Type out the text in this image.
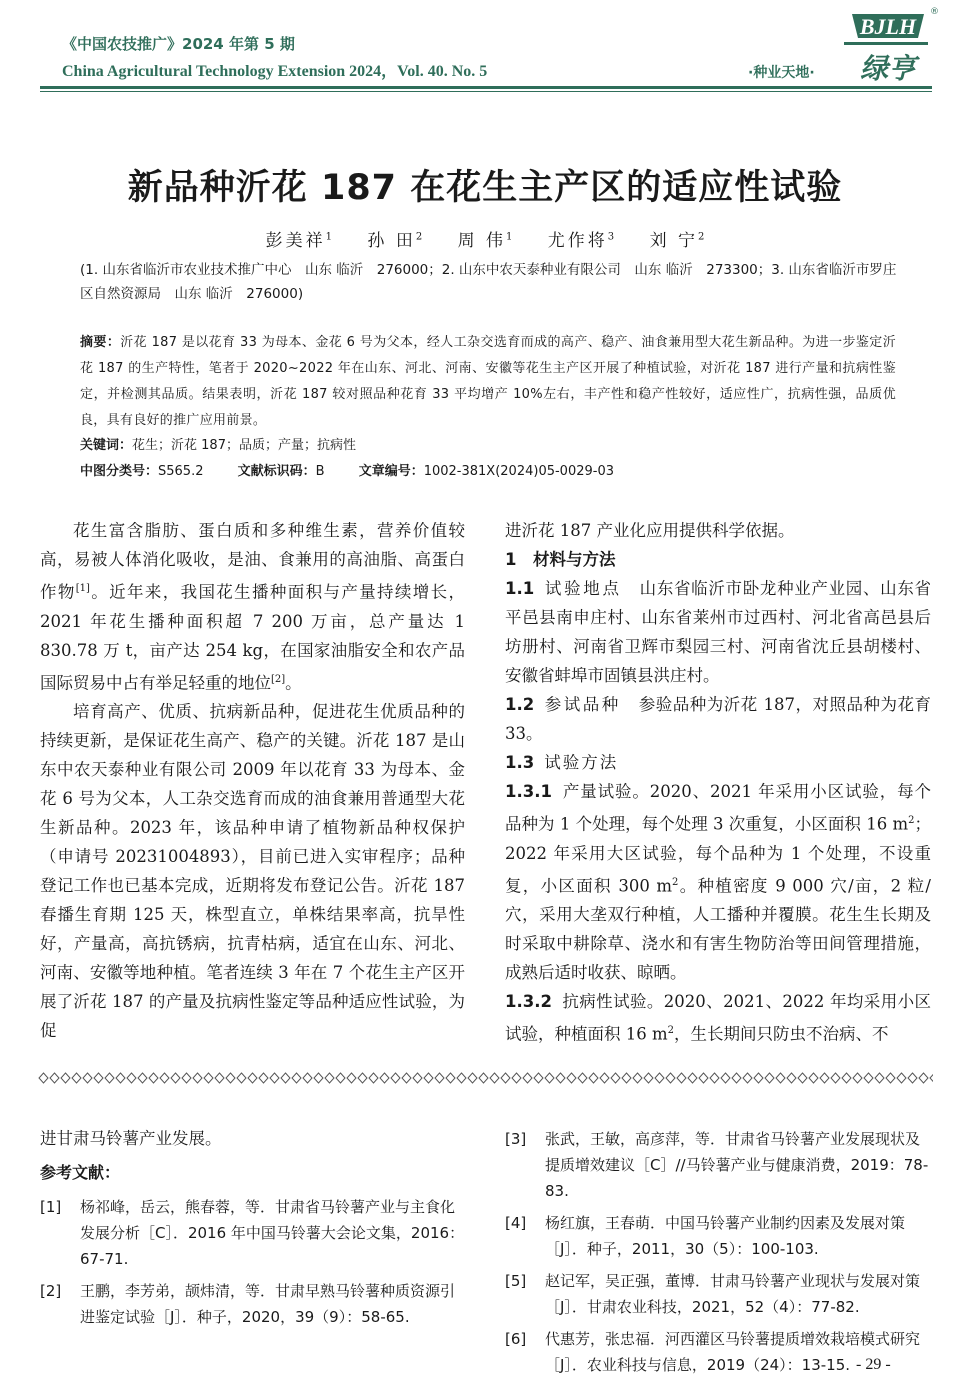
《中国农技推广》2024 年第 5 期
China Agricultural Technology Extension 2024，Vol. 40. No. 5	·种业天地·
BJLH
®
绿亨
新品种沂花 187 在花生主产区的适应性试验
彭美祥$^1$ 孙 田$^2$ 周 伟$^1$ 尤作将$^3$ 刘 宁$^2$
(1. 山东省临沂市农业技术推广中心　山东 临沂　276000；2. 山东中农天泰种业有限公司　山东 临沂　273300；3. 山东省临沂市罗庄区自然资源局　山东 临沂　276000)
摘要：沂花 187 是以花育 33 为母本、金花 6 号为父本，经人工杂交选育而成的高产、稳产、油食兼用型大花生新品种。为进一步鉴定沂花 187 的生产特性，笔者于 2020~2022 年在山东、河北、河南、安徽等花生主产区开展了种植试验，对沂花 187 进行产量和抗病性鉴定，并检测其品质。结果表明，沂花 187 较对照品种花育 33 平均增产 10%左右，丰产性和稳产性较好，适应性广，抗病性强，品质优良，具有良好的推广应用前景。
关键词：花生；沂花 187；品质；产量；抗病性
中图分类号：S565.2	文献标识码：B	文章编号：1002-381X(2024)05-0029-03

花生富含脂肪、蛋白质和多种维生素，营养价值较高，易被人体消化吸收，是油、食兼用的高油脂、高蛋白作物[1]。近年来，我国花生播种面积与产量持续增长，2021 年花生播种面积超 7 200 万亩，总产量达 1 830.78 万 t，亩产达 254 kg，在国家油脂安全和农产品国际贸易中占有举足轻重的地位[2]。

培育高产、优质、抗病新品种，促进花生优质品种的持续更新，是保证花生高产、稳产的关键。沂花 187 是山东中农天泰种业有限公司 2009 年以花育 33 为母本、金花 6 号为父本，人工杂交选育而成的油食兼用普通型大花生新品种。2023 年，该品种申请了植物新品种权保护（申请号 20231004893），目前已进入实审程序；品种登记工作也已基本完成，近期将发布登记公告。沂花 187 春播生育期 125 天，株型直立，单株结果率高，抗旱性好，产量高，高抗锈病，抗青枯病，适宜在山东、河北、河南、安徽等地种植。笔者连续 3 年在 7 个花生主产区开展了沂花 187 的产量及抗病性鉴定等品种适应性试验，为促

进沂花 187 产业化应用提供科学依据。

1　材料与方法

1.1 试验地点 山东省临沂市卧龙种业产业园、山东省平邑县南申庄村、山东省莱州市过西村、河北省高邑县后坊册村、河南省卫辉市梨园三村、河南省沈丘县胡楼村、安徽省蚌埠市固镇县洪庄村。

1.2 参试品种 参验品种为沂花 187，对照品种为花育 33。

1.3 试验方法

1.3.1 产量试验。2020、2021 年采用小区试验，每个品种为 1 个处理，每个处理 3 次重复，小区面积 16 $m^2$；2022 年采用大区试验，每个品种为 1 个处理，不设重复，小区面积 300 $m^2$。种植密度 9 000 穴/亩，2 粒/穴，采用大垄双行种植，人工播种并覆膜。花生生长期及时采取中耕除草、浇水和有害生物防治等田间管理措施，成熟后适时收获、晾晒。

1.3.2 抗病性试验。2020、2021、2022 年均采用小区试验，种植面积 16 $m^2$，生长期间只防虫不治病、不

进甘肃马铃薯产业发展。
参考文献：
[1]	杨祁峰，岳云，熊春蓉，等．甘肃省马铃薯产业与主食化发展分析［C］．2016 年中国马铃薯大会论文集，2016：67-71.
[2]	王鹏，李芳弟，颉炜清，等．甘肃早熟马铃薯种质资源引进鉴定试验［J］．种子，2020，39（9）：58-65.
[3]	张武，王敏，高彦萍，等．甘肃省马铃薯产业发展现状及提质增效建议［C］//马铃薯产业与健康消费，2019：78-83.
[4]	杨红旗，王春萌．中国马铃薯产业制约因素及发展对策［J］．种子，2011，30（5）：100-103.
[5]	赵记军，吴正强，董博．甘肃马铃薯产业现状与发展对策［J］．甘肃农业科技，2021，52（4）：77-82.
[6]	代惠芳，张忠福．河西灌区马铃薯提质增效栽培模式研究［J］．农业科技与信息，2019（24）：13-15. - 29 -
